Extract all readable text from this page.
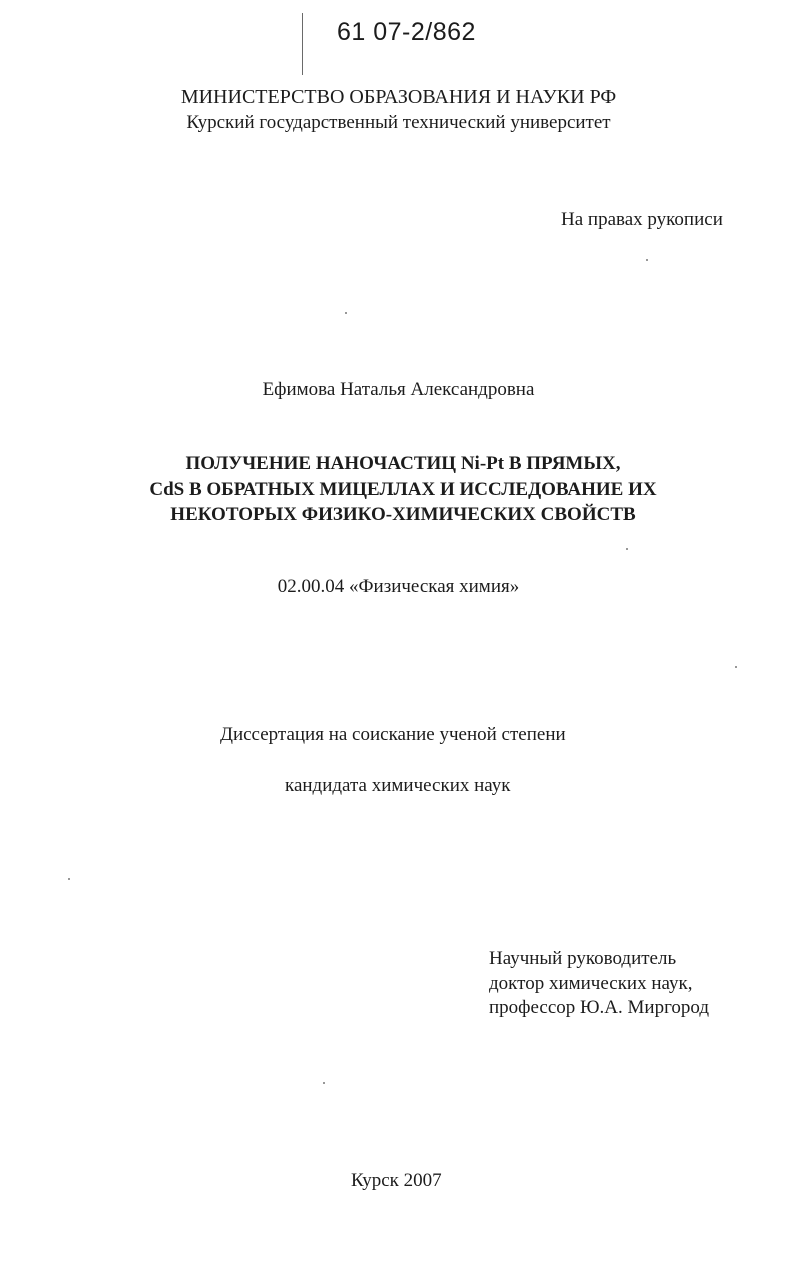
61 07-2/862
МИНИСТЕРСТВО ОБРАЗОВАНИЯ И НАУКИ РФ
Курский государственный технический университет
На правах рукописи
Ефимова Наталья Александровна
ПОЛУЧЕНИЕ НАНОЧАСТИЦ Ni-Pt В ПРЯМЫХ,
CdS В ОБРАТНЫХ МИЦЕЛЛАХ И ИССЛЕДОВАНИЕ ИХ
НЕКОТОРЫХ ФИЗИКО-ХИМИЧЕСКИХ СВОЙСТВ
02.00.04 «Физическая химия»
Диссертация на соискание ученой степени
кандидата химических наук
Научный руководитель
доктор химических наук,
профессор Ю.А. Миргород
Курск 2007
